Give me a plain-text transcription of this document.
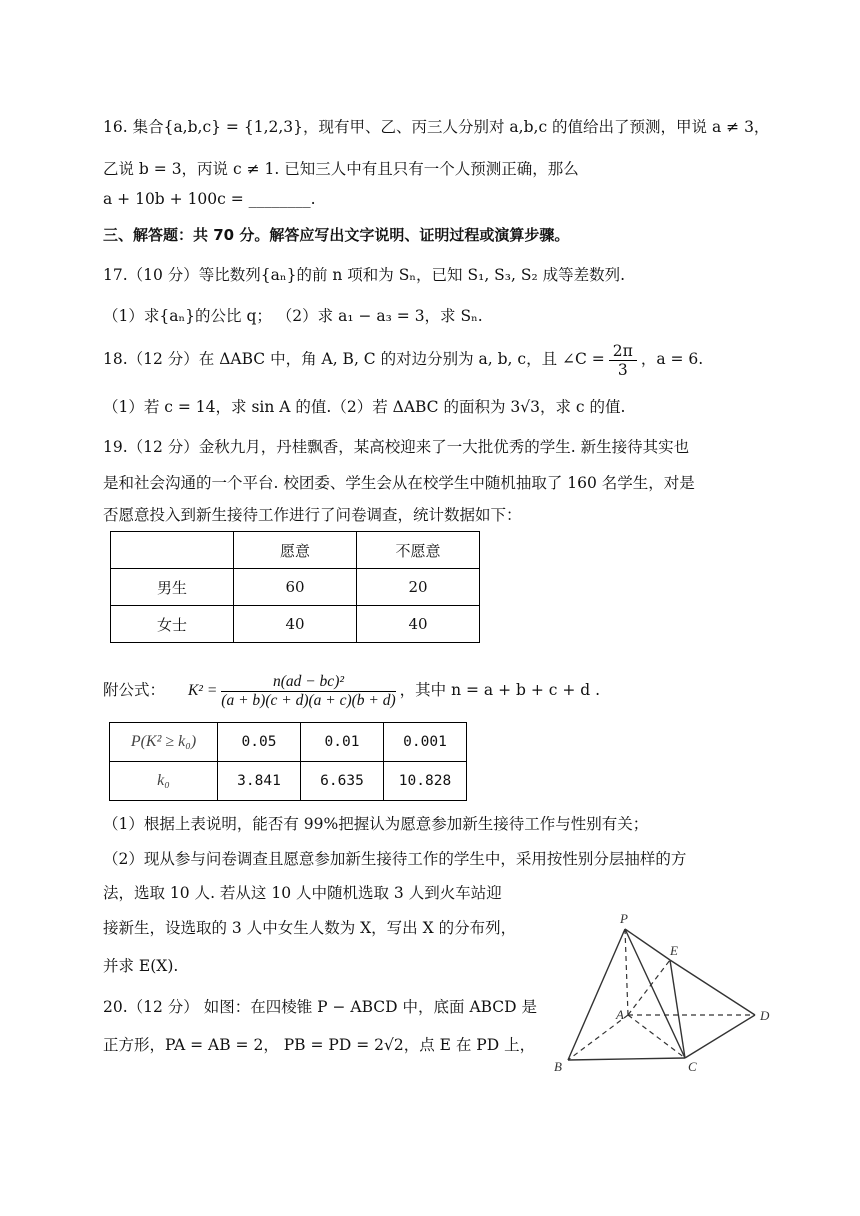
16. 集合{a,b,c} = {1,2,3}，现有甲、乙、丙三人分别对 a,b,c 的值给出了预测，甲说 a ≠ 3，
乙说 b = 3，丙说 c ≠ 1. 已知三人中有且只有一个人预测正确，那么
a + 10b + 100c = ________.
三、解答题：共 70 分。解答应写出文字说明、证明过程或演算步骤。
17.（10 分）等比数列{aₙ}的前 n 项和为 Sₙ，已知 S₁, S₃, S₂ 成等差数列.
（1）求{aₙ}的公比 q； （2）求 a₁ − a₃ = 3，求 Sₙ.
18.（12 分）在 ΔABC 中，角 A, B, C 的对边分别为 a, b, c，且 ∠C = $\frac{2\pi}{3}$ ，a = 6.
（1）若 c = 14，求 sin A 的值.（2）若 ΔABC 的面积为 3√3，求 c 的值.
19.（12 分）金秋九月，丹桂飘香，某高校迎来了一大批优秀的学生. 新生接待其实也
是和社会沟通的一个平台. 校团委、学生会从在校学生中随机抽取了 160 名学生，对是
否愿意投入到新生接待工作进行了问卷调查，统计数据如下：
	愿意	不愿意
男生	60	20
女士	40	40
附公式： $K^2 = \frac{\text{n(ad − bc)²}}{(a + b)(c + d)(a + c)(b + d)}$ ，其中 n = a + b + c + d .
P(K² ≥ k₀)	0.05	0.01	0.001
k₀	3.841	6.635	10.828
（1）根据上表说明，能否有 99%把握认为愿意参加新生接待工作与性别有关；
（2）现从参与问卷调查且愿意参加新生接待工作的学生中，采用按性别分层抽样的方
法，选取 10 人. 若从这 10 人中随机选取 3 人到火车站迎
接新生，设选取的 3 人中女生人数为 X，写出 X 的分布列，
并求 E(X).
20.（12 分） 如图：在四棱锥 P − ABCD 中，底面 ABCD 是
正方形，PA = AB = 2， PB = PD = 2√2，点 E 在 PD 上，
P
E
A	D
B	C
